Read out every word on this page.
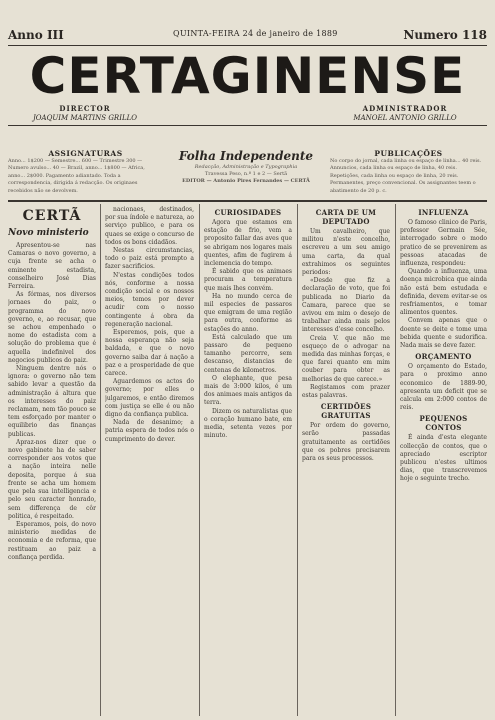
Anno III	QUINTA-FEIRA 24 de janeiro de 1889	Numero 118
CERTAGINENSE
DIRECTOR
JOAQUIM MARTINS GRILLO
ADMINISTRADOR
MANOEL ANTONIO GRILLO
ASSIGNATURAS
Anno... 1$200 — Semestre... 600 — Trimestre 300 — Numero avulso... 40 — Brazil, anno... 1$800 — Africa, anno... 2$000. Pagamento adiantado. Toda a correspondencia, dirigida á redacção. Os originaes recebidos não se devolvem.
Folha Independente
Redacção, Administração e Typographia
Travessa Peso, n.º 1 e 2 — Sertã
EDITOR — Antonio Pires Fernandes — CERTÃ
PUBLICAÇÕES
No corpo do jornal, cada linha ou espaço de linha... 40 reis. Annuncios, cada linha ou espaço de linha, 40 reis. Repetições, cada linha ou espaço de linha, 20 reis. Permanentes, preço convencional. Os assignantes teem o abatimento de 20 p. c.
CERTÃ
Novo ministerio

Apresentou-se nas Camaras o novo governo, a cuja frente se acha o eminente estadista, conselheiro José Dias Ferreira.

As fórmas, nos diversos jornaes do paiz, o programma do novo governo, e, ao recusar, que se achou empenhado o nome do estadista com a solução do problema que é aquella indefinivel dos negocios publicos do paiz.

Ninguem dentre nós o ignora: o governo não tem sabido levar a questão da administração á altura que os interesses do paiz reclamam, nem tão pouco se tem esforçado por manter o equilibrio das finanças publicas.

Apraz-nos dizer que o novo gabinete ha de saber corresponder aos votos que a nação inteira nelle deposita, porque á sua frente se acha um homem que pela sua intelligencia e pelo seu caracter honrado, sem differença de côr politica, é respeitado.

Esperamos, pois, do novo ministerio medidas de economia e de reforma, que restituam ao paiz a confiança perdida.

nacionaes, destinados, por sua índole e natureza, ao serviço publico, e para os quaes se exige o concurso de todos os bons cidadãos.

Nestas circumstancias, todo o paiz está prompto a fazer sacrificios.

N'estas condições todos nós, conforme a nossa condição social e os nossos meios, temos por dever acudir com o nosso contingente á obra da regeneração nacional.

Esperemos, pois, que a nossa esperança não seja baldada, e que o novo governo saiba dar á nação a paz e a prosperidade de que carece.

Aguardemos os actos do governo; por elles o julgaremos, e então diremos com justiça se elle é ou não digno da confiança publica.

Nada de desanimo; a patria espera de todos nós o cumprimento do dever.

CURIOSIDADES

Agora que estamos em estação de frio, vem a proposito fallar das aves que se abrigam nos logares mais quentes, afim de fugirem á inclemencia do tempo.

É sabido que os animaes procuram a temperatura que mais lhes convém.

Ha no mundo cerca de mil especies de passaros que emigram de uma região para outra, conforme as estações do anno.

Está calculado que um passaro de pequeno tamanho percorre, sem descanso, distancias de centenas de kilometros.

O elephante, que pesa mais de 3:000 kilos, é um dos animaes mais antigos da terra.

Dizem os naturalistas que o coração humano bate, em media, setenta vezes por minuto.

CARTA DE UM DEPUTADO

Um cavalheiro, que militou n'este concelho, escreveu a um seu amigo uma carta, da qual extrahimos os seguintes periodos:

«Desde que fiz a declaração de voto, que foi publicada no Diario da Camara, parece que se avivou em mim o desejo de trabalhar ainda mais pelos interesses d'esse concelho.

Creia V. que não me esqueço de o advogar na medida das minhas forças, e que farei quanto em mim couber para obter as melhorias de que carece.»

Registamos com prazer estas palavras.

CERTIDÕES GRATUITAS

Por ordem do governo, serão passadas gratuitamente as certidões que os pobres precisarem para os seus processos.

INFLUENZA

O famoso clinico de Paris, professor Germain Sée, interrogado sobre o modo pratico de se prevenirem as pessoas atacadas de influenza, respondeu:

Quando a influenza, uma doença microbica que ainda não está bem estudada e definida, devem evitar-se os resfriamentos, e tomar alimentos quentes.

Convem apenas que o doente se deite e tome uma bebida quente e sudorifica. Nada mais se deve fazer.

ORÇAMENTO

O orçamento do Estado, para o proximo anno economico de 1889-90, apresenta um deficit que se calcula em 2:000 contos de reis.

PEQUENOS CONTOS

É ainda d'esta elegante collecção de contos, que o apreciado escriptor publicou n'estes ultimos dias, que transcrevemos hoje o seguinte trecho.
